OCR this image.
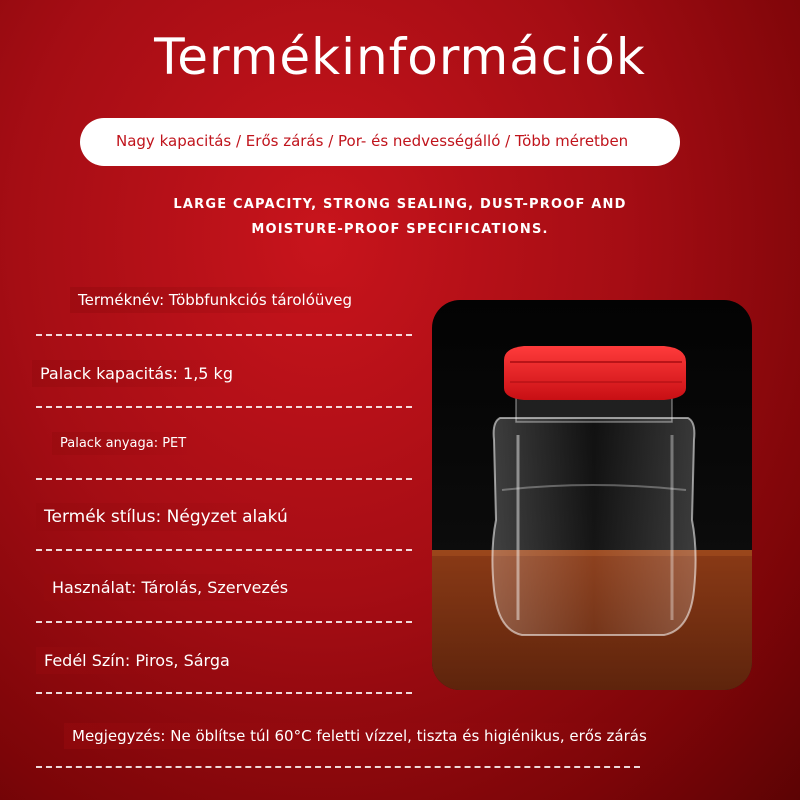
Termékinformációk
Nagy kapacitás / Erős zárás / Por- és nedvességálló / Több méretben
LARGE CAPACITY, STRONG SEALING, DUST-PROOF AND
MOISTURE-PROOF SPECIFICATIONS.
Terméknév: Többfunkciós tárolóüveg
Palack kapacitás: 1,5 kg
Palack anyaga: PET
Termék stílus: Négyzet alakú
Használat: Tárolás, Szervezés
Fedél Szín: Piros, Sárga
Megjegyzés: Ne öblítse túl 60°C feletti vízzel, tiszta és higiénikus, erős zárás
